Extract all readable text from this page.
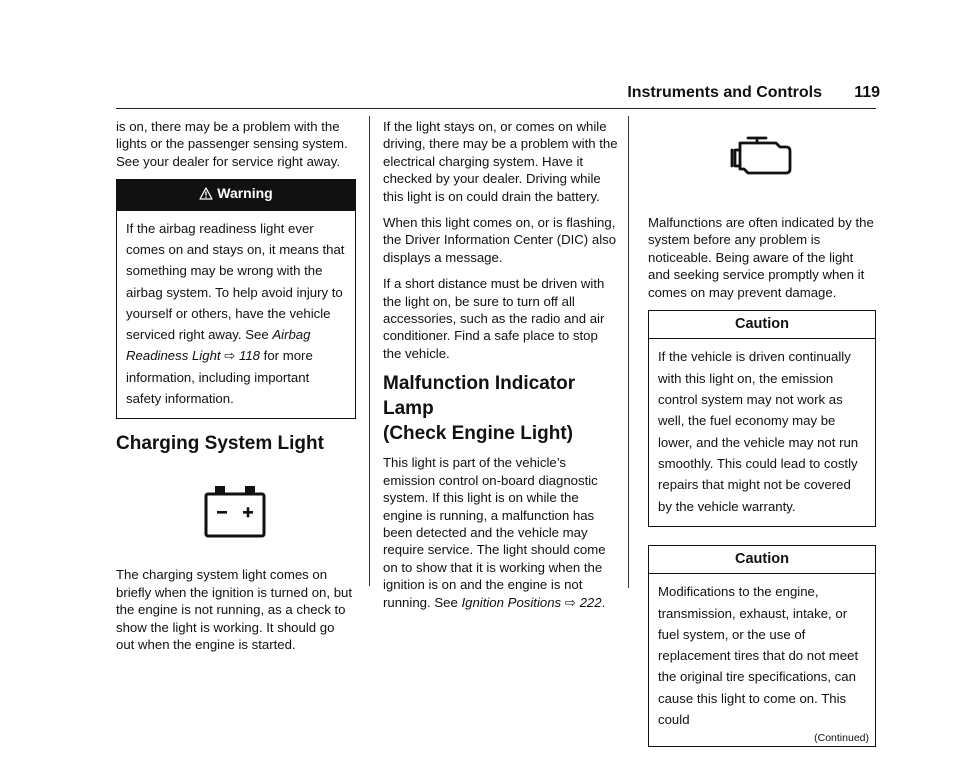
Instruments and Controls 119

is on, there may be a problem with the lights or the passenger sensing system. See your dealer for service right away.

Warning
If the airbag readiness light ever comes on and stays on, it means that something may be wrong with the airbag system. To help avoid injury to yourself or others, have the vehicle serviced right away. See Airbag Readiness Light ⇨ 118 for more information, including important safety information.
Charging System Light

The charging system light comes on briefly when the ignition is turned on, but the engine is not running, as a check to show the light is working. It should go out when the engine is started.

If the light stays on, or comes on while driving, there may be a problem with the electrical charging system. Have it checked by your dealer. Driving while this light is on could drain the battery.

When this light comes on, or is flashing, the Driver Information Center (DIC) also displays a message.

If a short distance must be driven with the light on, be sure to turn off all accessories, such as the radio and air conditioner. Find a safe place to stop the vehicle.

Malfunction Indicator Lamp
(Check Engine Light)

This light is part of the vehicle’s emission control on-board diagnostic system. If this light is on while the engine is running, a malfunction has been detected and the vehicle may require service. The light should come on to show that it is working when the ignition is on and the engine is not running. See Ignition Positions ⇨ 222.

Malfunctions are often indicated by the system before any problem is noticeable. Being aware of the light and seeking service promptly when it comes on may prevent damage.

Caution
If the vehicle is driven continually with this light on, the emission control system may not work as well, the fuel economy may be lower, and the vehicle may not run smoothly. This could lead to costly repairs that might not be covered by the vehicle warranty.
Caution
Modifications to the engine, transmission, exhaust, intake, or fuel system, or the use of replacement tires that do not meet the original tire specifications, can cause this light to come on. This could
(Continued)
